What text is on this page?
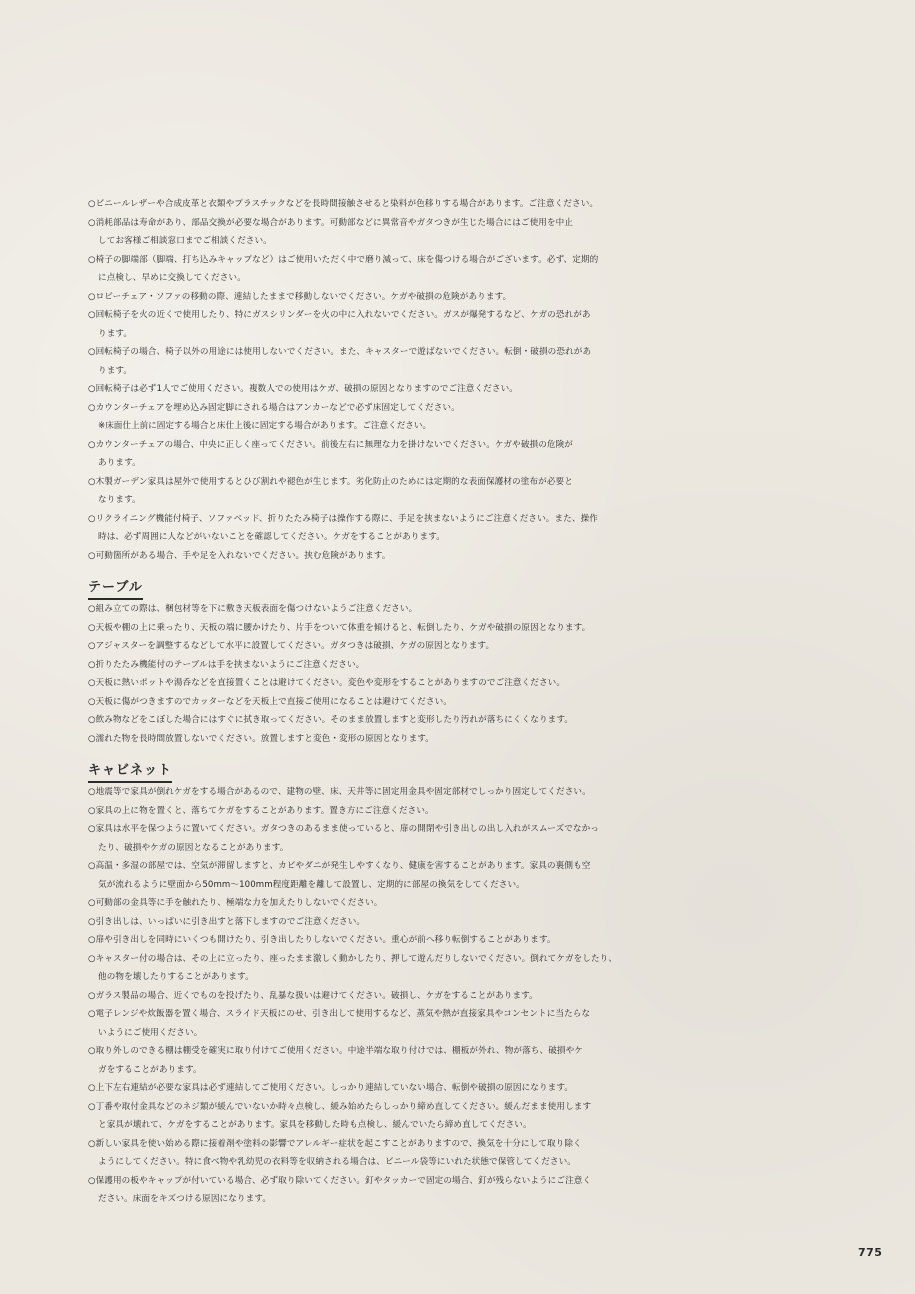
○ビニールレザーや合成皮革と衣類やプラスチックなどを長時間接触させると染料が色移りする場合があります。ご注意ください。
○消耗部品は寿命があり、部品交換が必要な場合があります。可動部などに異常音やガタつきが生じた場合にはご使用を中止
してお客様ご相談窓口までご相談ください。
○椅子の脚端部（脚端、打ち込みキャップなど）はご使用いただく中で磨り減って、床を傷つける場合がございます。必ず、定期的
に点検し、早めに交換してください。
○ロビーチェア・ソファの移動の際、連結したままで移動しないでください。ケガや破損の危険があります。
○回転椅子を火の近くで使用したり、特にガスシリンダーを火の中に入れないでください。ガスが爆発するなど、ケガの恐れがあ
ります。
○回転椅子の場合、椅子以外の用途には使用しないでください。また、キャスターで遊ばないでください。転倒・破損の恐れがあ
ります。
○回転椅子は必ず1人でご使用ください。複数人での使用はケガ、破損の原因となりますのでご注意ください。
○カウンターチェアを埋め込み固定脚にされる場合はアンカーなどで必ず床固定してください。
※床面仕上前に固定する場合と床仕上後に固定する場合があります。ご注意ください。
○カウンターチェアの場合、中央に正しく座ってください。前後左右に無理な力を掛けないでください。ケガや破損の危険が
あります。
○木製ガーデン家具は屋外で使用するとひび割れや褪色が生じます。劣化防止のためには定期的な表面保護材の塗布が必要と
なります。
○リクライニング機能付椅子、ソファベッド、折りたたみ椅子は操作する際に、手足を挟まないようにご注意ください。また、操作
時は、必ず周囲に人などがいないことを確認してください。ケガをすることがあります。
○可動箇所がある場合、手や足を入れないでください。挟む危険があります。
テーブル
○組み立ての際は、梱包材等を下に敷き天板表面を傷つけないようご注意ください。
○天板や棚の上に乗ったり、天板の端に腰かけたり、片手をついて体重を傾けると、転倒したり、ケガや破損の原因となります。
○アジャスターを調整するなどして水平に設置してください。ガタつきは破損、ケガの原因となります。
○折りたたみ機能付のテーブルは手を挟まないようにご注意ください。
○天板に熱いポットや湯呑などを直接置くことは避けてください。変色や変形をすることがありますのでご注意ください。
○天板に傷がつきますのでカッターなどを天板上で直接ご使用になることは避けてください。
○飲み物などをこぼした場合にはすぐに拭き取ってください。そのまま放置しますと変形したり汚れが落ちにくくなります。
○濡れた物を長時間放置しないでください。放置しますと変色・変形の原因となります。
キャビネット
○地震等で家具が倒れケガをする場合があるので、建物の壁、床、天井等に固定用金具や固定部材でしっかり固定してください。
○家具の上に物を置くと、落ちてケガをすることがあります。置き方にご注意ください。
○家具は水平を保つように置いてください。ガタつきのあるまま使っていると、扉の開閉や引き出しの出し入れがスムーズでなかっ
たり、破損やケガの原因となることがあります。
○高温・多湿の部屋では、空気が滞留しますと、カビやダニが発生しやすくなり、健康を害することがあります。家具の裏側も空
気が流れるように壁面から50mm〜100mm程度距離を離して設置し、定期的に部屋の換気をしてください。
○可動部の金具等に手を触れたり、極端な力を加えたりしないでください。
○引き出しは、いっぱいに引き出すと落下しますのでご注意ください。
○扉や引き出しを同時にいくつも開けたり、引き出したりしないでください。重心が前へ移り転倒することがあります。
○キャスター付の場合は、その上に立ったり、座ったまま激しく動かしたり、押して遊んだりしないでください。倒れてケガをしたり、
他の物を壊したりすることがあります。
○ガラス製品の場合、近くでものを投げたり、乱暴な扱いは避けてください。破損し、ケガをすることがあります。
○電子レンジや炊飯器を置く場合、スライド天板にのせ、引き出して使用するなど、蒸気や熱が直接家具やコンセントに当たらな
いようにご使用ください。
○取り外しのできる棚は棚受を確実に取り付けてご使用ください。中途半端な取り付けでは、棚板が外れ、物が落ち、破損やケ
ガをすることがあります。
○上下左右連結が必要な家具は必ず連結してご使用ください。しっかり連結していない場合、転倒や破損の原因になります。
○丁番や取付金具などのネジ類が緩んでいないか時々点検し、緩み始めたらしっかり締め直してください。緩んだまま使用します
と家具が壊れて、ケガをすることがあります。家具を移動した時も点検し、緩んでいたら締め直してください。
○新しい家具を使い始める際に接着剤や塗料の影響でアレルギー症状を起こすことがありますので、換気を十分にして取り除く
ようにしてください。特に食べ物や乳幼児の衣料等を収納される場合は、ビニール袋等にいれた状態で保管してください。
○保護用の板やキャップが付いている場合、必ず取り除いてください。釘やタッカーで固定の場合、釘が残らないようにご注意く
ださい。床面をキズつける原因になります。
775
